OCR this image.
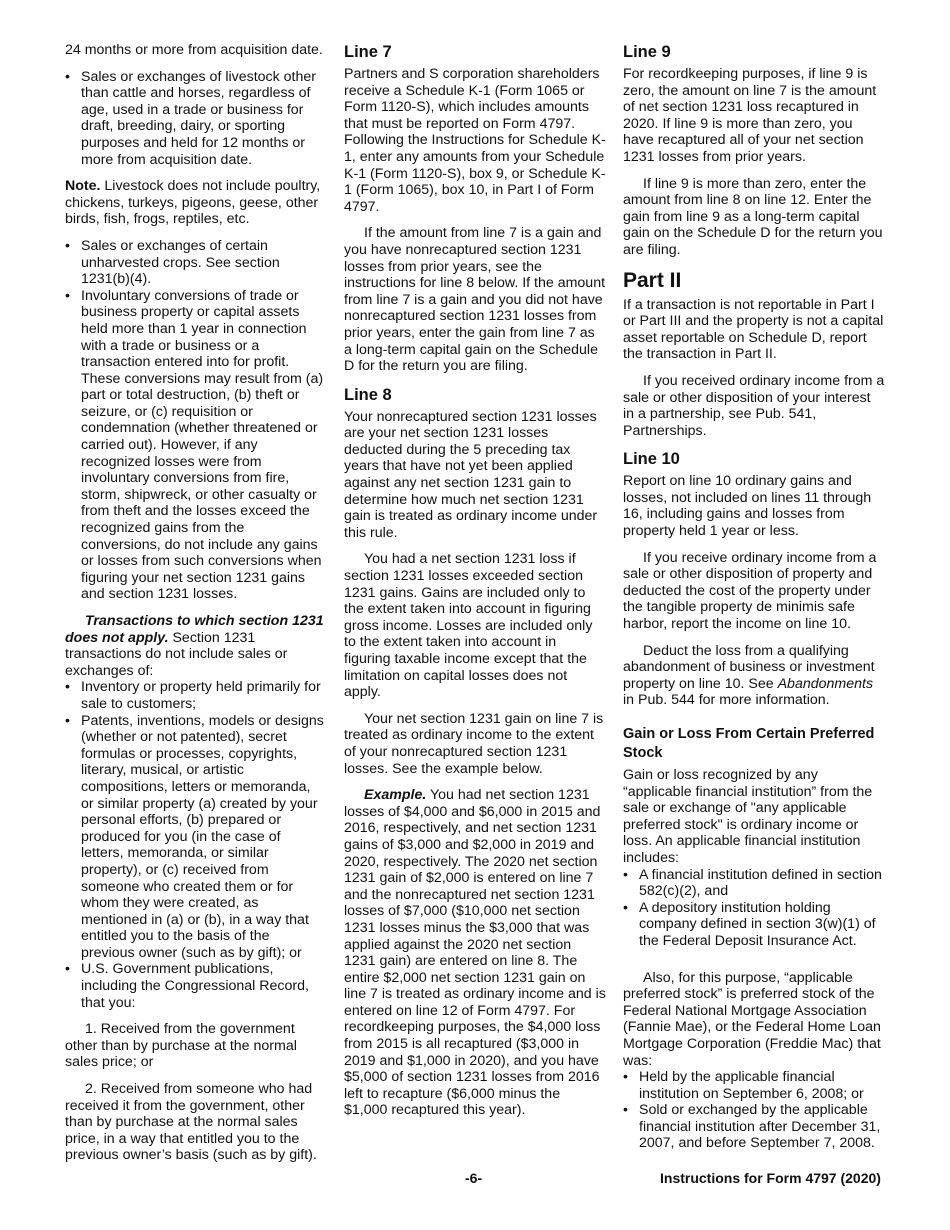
24 months or more from acquisition date.

• Sales or exchanges of livestock other than cattle and horses, regardless of age, used in a trade or business for draft, breeding, dairy, or sporting purposes and held for 12 months or more from acquisition date.

Note. Livestock does not include poultry, chickens, turkeys, pigeons, geese, other birds, fish, frogs, reptiles, etc.

• Sales or exchanges of certain unharvested crops. See section 1231(b)(4).

• Involuntary conversions of trade or business property or capital assets held more than 1 year in connection with a trade or business or a transaction entered into for profit. These conversions may result from (a) part or total destruction, (b) theft or seizure, or (c) requisition or condemnation (whether threatened or carried out). However, if any recognized losses were from involuntary conversions from fire, storm, shipwreck, or other casualty or from theft and the losses exceed the recognized gains from the conversions, do not include any gains or losses from such conversions when figuring your net section 1231 gains and section 1231 losses.

Transactions to which section 1231 does not apply. Section 1231 transactions do not include sales or exchanges of:

• Inventory or property held primarily for sale to customers;

• Patents, inventions, models or designs (whether or not patented), secret formulas or processes, copyrights, literary, musical, or artistic compositions, letters or memoranda, or similar property (a) created by your personal efforts, (b) prepared or produced for you (in the case of letters, memoranda, or similar property), or (c) received from someone who created them or for whom they were created, as mentioned in (a) or (b), in a way that entitled you to the basis of the previous owner (such as by gift); or

• U.S. Government publications, including the Congressional Record, that you:

1. Received from the government other than by purchase at the normal sales price; or

2. Received from someone who had received it from the government, other than by purchase at the normal sales price, in a way that entitled you to the previous owner’s basis (such as by gift).

Line 7

Partners and S corporation shareholders receive a Schedule K-1 (Form 1065 or Form 1120-S), which includes amounts that must be reported on Form 4797. Following the Instructions for Schedule K-1, enter any amounts from your Schedule K-1 (Form 1120-S), box 9, or Schedule K-1 (Form 1065), box 10, in Part I of Form 4797.

If the amount from line 7 is a gain and you have nonrecaptured section 1231 losses from prior years, see the instructions for line 8 below. If the amount from line 7 is a gain and you did not have nonrecaptured section 1231 losses from prior years, enter the gain from line 7 as a long-term capital gain on the Schedule D for the return you are filing.

Line 8

Your nonrecaptured section 1231 losses are your net section 1231 losses deducted during the 5 preceding tax years that have not yet been applied against any net section 1231 gain to determine how much net section 1231 gain is treated as ordinary income under this rule.

You had a net section 1231 loss if section 1231 losses exceeded section 1231 gains. Gains are included only to the extent taken into account in figuring gross income. Losses are included only to the extent taken into account in figuring taxable income except that the limitation on capital losses does not apply.

Your net section 1231 gain on line 7 is treated as ordinary income to the extent of your nonrecaptured section 1231 losses. See the example below.

Example. You had net section 1231 losses of $4,000 and $6,000 in 2015 and 2016, respectively, and net section 1231 gains of $3,000 and $2,000 in 2019 and 2020, respectively. The 2020 net section 1231 gain of $2,000 is entered on line 7 and the nonrecaptured net section 1231 losses of $7,000 ($10,000 net section 1231 losses minus the $3,000 that was applied against the 2020 net section 1231 gain) are entered on line 8. The entire $2,000 net section 1231 gain on line 7 is treated as ordinary income and is entered on line 12 of Form 4797. For recordkeeping purposes, the $4,000 loss from 2015 is all recaptured ($3,000 in 2019 and $1,000 in 2020), and you have $5,000 of section 1231 losses from 2016 left to recapture ($6,000 minus the $1,000 recaptured this year).

Line 9

For recordkeeping purposes, if line 9 is zero, the amount on line 7 is the amount of net section 1231 loss recaptured in 2020. If line 9 is more than zero, you have recaptured all of your net section 1231 losses from prior years.

If line 9 is more than zero, enter the amount from line 8 on line 12. Enter the gain from line 9 as a long-term capital gain on the Schedule D for the return you are filing.

Part II

If a transaction is not reportable in Part I or Part III and the property is not a capital asset reportable on Schedule D, report the transaction in Part II.

If you received ordinary income from a sale or other disposition of your interest in a partnership, see Pub. 541, Partnerships.

Line 10

Report on line 10 ordinary gains and losses, not included on lines 11 through 16, including gains and losses from property held 1 year or less.

If you receive ordinary income from a sale or other disposition of property and deducted the cost of the property under the tangible property de minimis safe harbor, report the income on line 10.

Deduct the loss from a qualifying abandonment of business or investment property on line 10. See Abandonments in Pub. 544 for more information.

Gain or Loss From Certain Preferred Stock

Gain or loss recognized by any “applicable financial institution” from the sale or exchange of "any applicable preferred stock" is ordinary income or loss. An applicable financial institution includes:

• A financial institution defined in section 582(c)(2), and

• A depository institution holding company defined in section 3(w)(1) of the Federal Deposit Insurance Act.

Also, for this purpose, “applicable preferred stock” is preferred stock of the Federal National Mortgage Association (Fannie Mae), or the Federal Home Loan Mortgage Corporation (Freddie Mac) that was:

• Held by the applicable financial institution on September 6, 2008; or

• Sold or exchanged by the applicable financial institution after December 31, 2007, and before September 7, 2008.

-6-	Instructions for Form 4797 (2020)
